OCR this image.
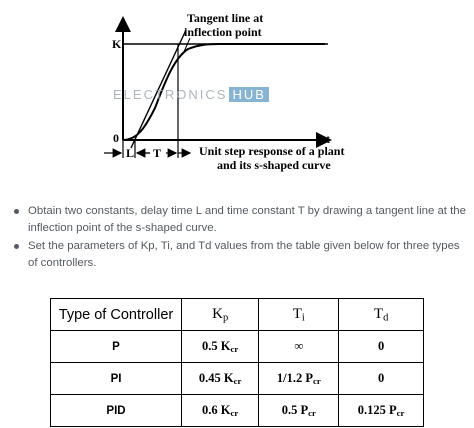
Tangent line at
inflection point
K
0	t
L T	Unit step response of a plant
and its s-shaped curve
ELECTRONICS HUB
Obtain two constants, delay time L and time constant T by drawing a tangent line at the inflection point of the s-shaped curve.
Set the parameters of Kp, Ti, and Td values from the table given below for three types of controllers.
Type of Controller	$K_p$	$T_i$	$T_d$
P	0.5 $K_{cr}$	∞	0
PI	0.45 $K_{cr}$	1/1.2 $P_{cr}$	0
PID	0.6 $K_{cr}$	0.5 $P_{cr}$	0.125 $P_{cr}$
